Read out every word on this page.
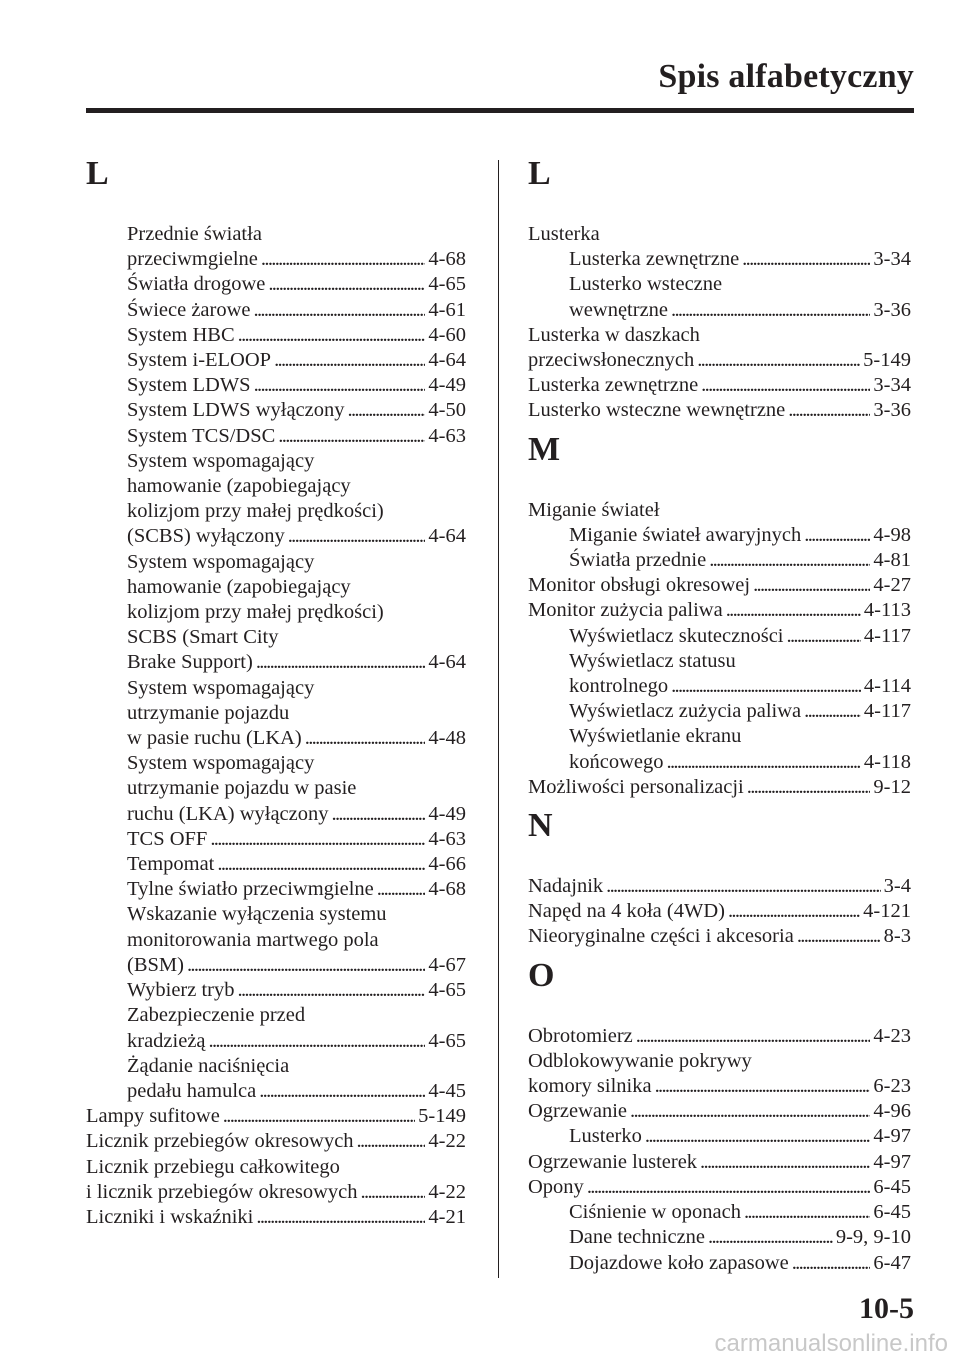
Spis alfabetyczny
L
Przednie światła
przeciwmgielne . . .	4-68
Światła drogowe . . .	4-65
Świece żarowe . . .	4-61
System HBC . . .	4-60
System i-ELOOP . . .	4-64
System LDWS . . .	4-49
System LDWS wyłączony . . .	4-50
System TCS/DSC . . .	4-63
System wspomagający
hamowanie (zapobiegający
kolizjom przy małej prędkości)
(SCBS) wyłączony . . .	4-64
System wspomagający
hamowanie (zapobiegający
kolizjom przy małej prędkości)
SCBS (Smart City
Brake Support) . . .	4-64
System wspomagający
utrzymanie pojazdu
w pasie ruchu (LKA) . . .	4-48
System wspomagający
utrzymanie pojazdu w pasie
ruchu (LKA) wyłączony . . .	4-49
TCS OFF . . .	4-63
Tempomat . . .	4-66
Tylne światło przeciwmgielne . . .	4-68
Wskazanie wyłączenia systemu
monitorowania martwego pola
(BSM) . . .	4-67
Wybierz tryb . . .	4-65
Zabezpieczenie przed
kradzieżą . . .	4-65
Żądanie naciśnięcia
pedału hamulca . . .	4-45
Lampy sufitowe . . .	5-149
Licznik przebiegów okresowych . . .	4-22
Licznik przebiegu całkowitego
i licznik przebiegów okresowych . . .	4-22
Liczniki i wskaźniki . . .	4-21
L
Lusterka
Lusterka zewnętrzne . . .	3-34
Lusterko wsteczne
wewnętrzne . . .	3-36
Lusterka w daszkach
przeciwsłonecznych . . .	5-149
Lusterka zewnętrzne . . .	3-34
Lusterko wsteczne wewnętrzne . . .	3-36
M
Miganie świateł
Miganie świateł awaryjnych . . .	4-98
Światła przednie . . .	4-81
Monitor obsługi okresowej . . .	4-27
Monitor zużycia paliwa . . .	4-113
Wyświetlacz skuteczności . . .	4-117
Wyświetlacz statusu
kontrolnego . . .	4-114
Wyświetlacz zużycia paliwa . . .	4-117
Wyświetlanie ekranu
końcowego . . .	4-118
Możliwości personalizacji . . .	9-12
N
Nadajnik . . .	3-4
Napęd na 4 koła (4WD) . . .	4-121
Nieoryginalne części i akcesoria . . .	8-3
O
Obrotomierz . . .	4-23
Odblokowywanie pokrywy
komory silnika . . .	6-23
Ogrzewanie . . .	4-96
Lusterko . . .	4-97
Ogrzewanie lusterek . . .	4-97
Opony . . .	6-45
Ciśnienie w oponach . . .	6-45
Dane techniczne . . .	9-9, 9-10
Dojazdowe koło zapasowe . . .	6-47
10-5
carmanualsonline.info
